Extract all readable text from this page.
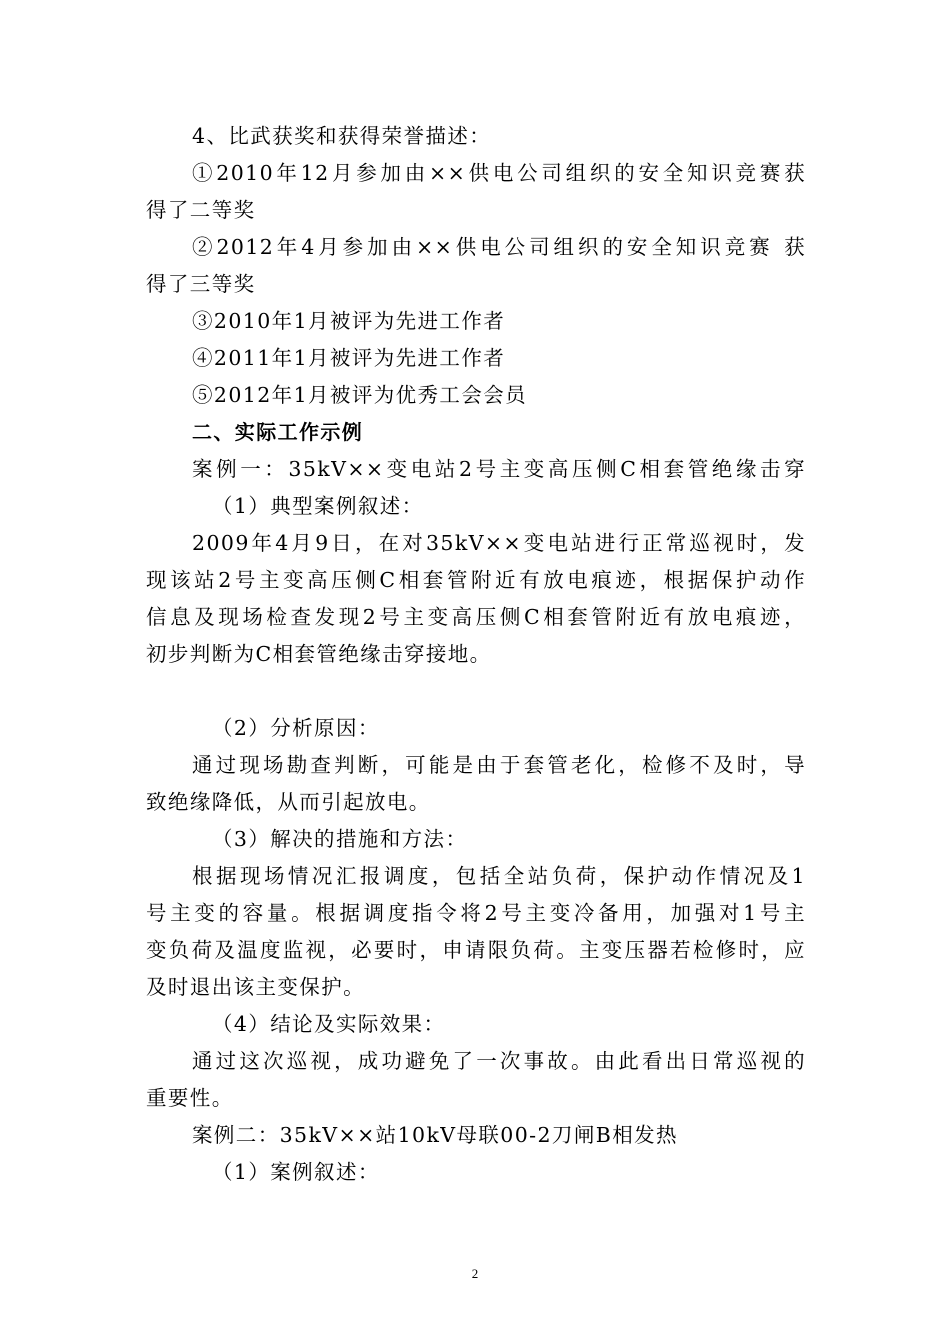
4、比武获奖和获得荣誉描述：
①2010年12月参加由××供电公司组织的安全知识竞赛获
得了二等奖
②2012年4月参加由××供电公司组织的安全知识竞赛 获
得了三等奖
③2010年1月被评为先进工作者
④2011年1月被评为先进工作者
⑤2012年1月被评为优秀工会会员
二、实际工作示例
案例一：35kV××变电站2号主变高压侧C相套管绝缘击穿
（1）典型案例叙述：
2009年4月9日，在对35kV××变电站进行正常巡视时，发
现该站2号主变高压侧C相套管附近有放电痕迹，根据保护动作
信息及现场检查发现2号主变高压侧C相套管附近有放电痕迹，
初步判断为C相套管绝缘击穿接地。
（2）分析原因：
通过现场勘查判断，可能是由于套管老化，检修不及时，导
致绝缘降低，从而引起放电。
（3）解决的措施和方法：
根据现场情况汇报调度，包括全站负荷，保护动作情况及1
号主变的容量。根据调度指令将2号主变冷备用，加强对1号主
变负荷及温度监视，必要时，申请限负荷。主变压器若检修时，应
及时退出该主变保护。
（4）结论及实际效果：
通过这次巡视，成功避免了一次事故。由此看出日常巡视的
重要性。
案例二：35kV××站10kV母联00-2刀闸B相发热
（1）案例叙述：
2
